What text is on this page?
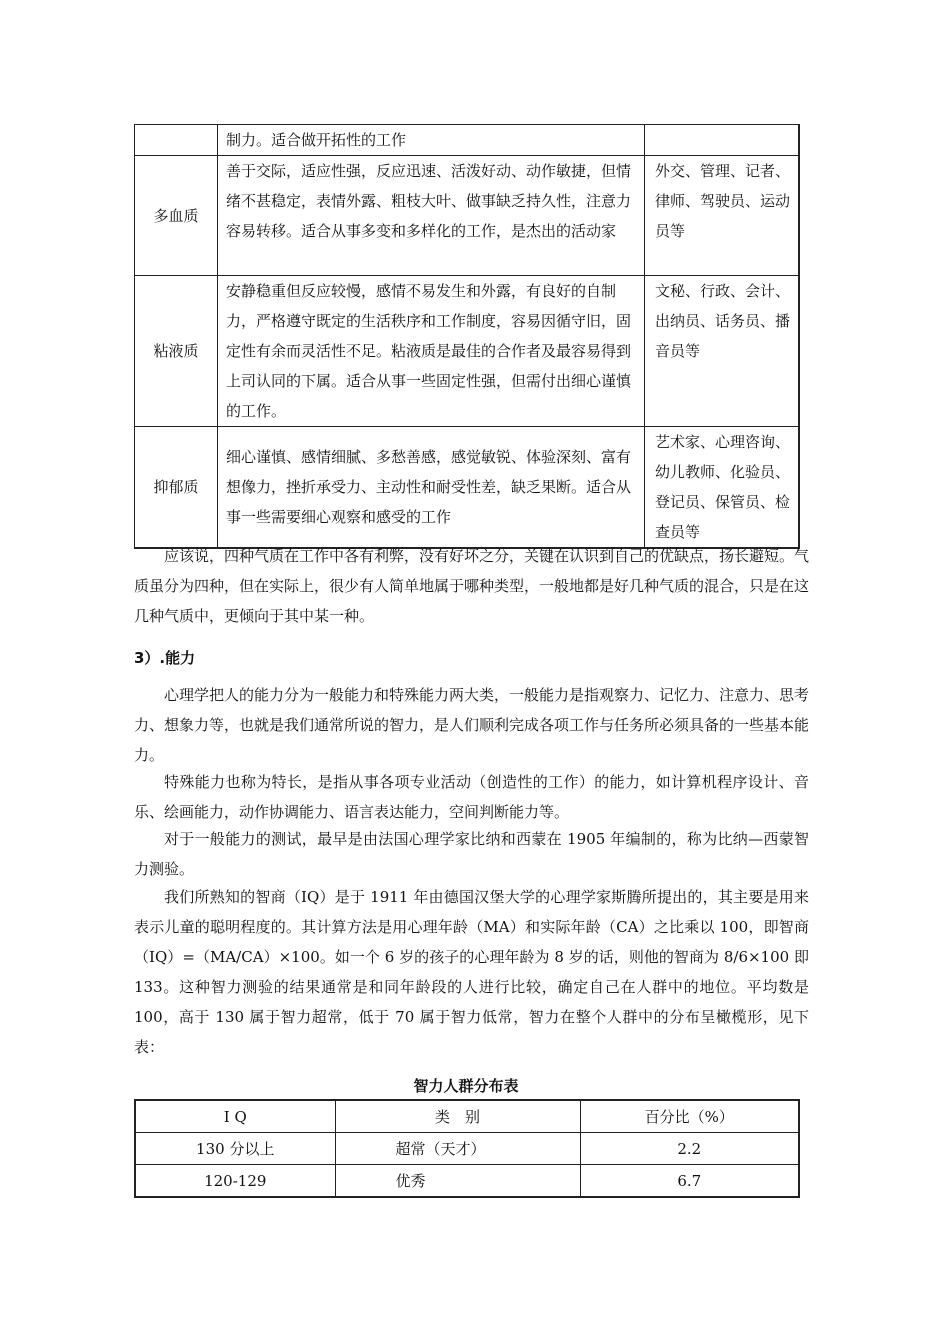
	制力。适合做开拓性的工作	
多血质	善于交际，适应性强，反应迅速、活泼好动、动作敏捷，但情绪不甚稳定，表情外露、粗枝大叶、做事缺乏持久性，注意力容易转移。适合从事多变和多样化的工作，是杰出的活动家	外交、管理、记者、律师、驾驶员、运动员等
粘液质	安静稳重但反应较慢，感情不易发生和外露，有良好的自制力，严格遵守既定的生活秩序和工作制度，容易因循守旧，固定性有余而灵活性不足。粘液质是最佳的合作者及最容易得到上司认同的下属。适合从事一些固定性强，但需付出细心谨慎的工作。	文秘、行政、会计、出纳员、话务员、播音员等
抑郁质	细心谨慎、感情细腻、多愁善感，感觉敏锐、体验深刻、富有想像力，挫折承受力、主动性和耐受性差，缺乏果断。适合从事一些需要细心观察和感受的工作	艺术家、心理咨询、幼儿教师、化验员、登记员、保管员、检查员等

应该说，四种气质在工作中各有利弊，没有好坏之分，关键在认识到自己的优缺点，扬长避短。气质虽分为四种，但在实际上，很少有人简单地属于哪种类型，一般地都是好几种气质的混合，只是在这几种气质中，更倾向于其中某一种。

3）.能力

心理学把人的能力分为一般能力和特殊能力两大类，一般能力是指观察力、记忆力、注意力、思考力、想象力等，也就是我们通常所说的智力，是人们顺利完成各项工作与任务所必须具备的一些基本能力。

特殊能力也称为特长，是指从事各项专业活动（创造性的工作）的能力，如计算机程序设计、音乐、绘画能力，动作协调能力、语言表达能力，空间判断能力等。

对于一般能力的测试，最早是由法国心理学家比纳和西蒙在 1905 年编制的，称为比纳—西蒙智力测验。

我们所熟知的智商（IQ）是于 1911 年由德国汉堡大学的心理学家斯腾所提出的，其主要是用来表示儿童的聪明程度的。其计算方法是用心理年龄（MA）和实际年龄（CA）之比乘以 100，即智商（IQ）=（MA/CA）×100。如一个 6 岁的孩子的心理年龄为 8 岁的话，则他的智商为 8/6×100 即 133。这种智力测验的结果通常是和同年龄段的人进行比较，确定自己在人群中的地位。平均数是 100，高于 130 属于智力超常，低于 70 属于智力低常，智力在整个人群中的分布呈橄榄形，见下表：

智力人群分布表

I Q	类　别	百分比（%）
130 分以上	超常（天才）	2.2
120-129	优秀	6.7
